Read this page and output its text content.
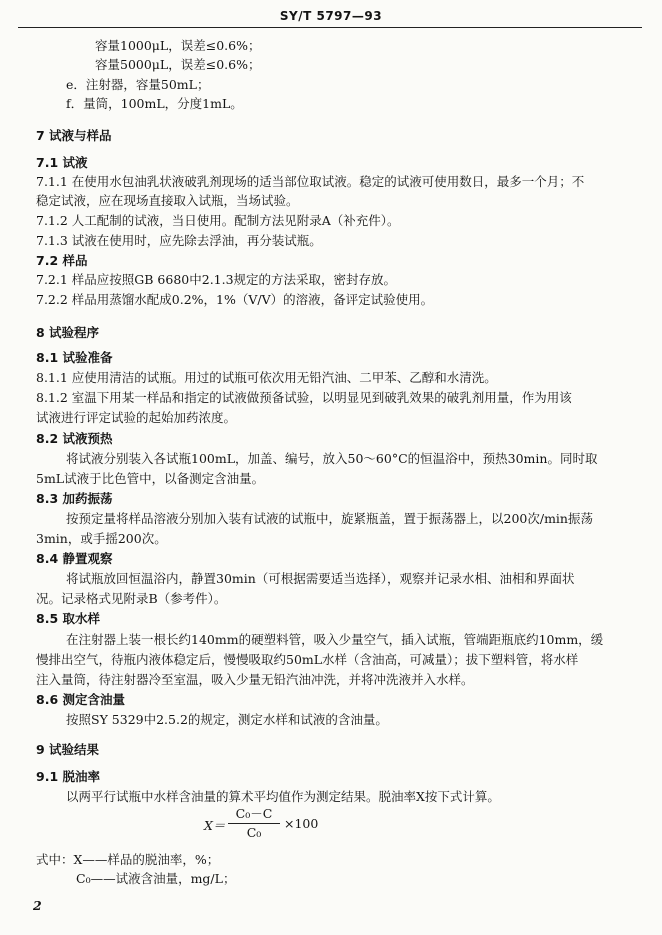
SY/T 5797—93
容量1000μL，误差≤0.6%；
容量5000μL，误差≤0.6%；
e．注射器，容量50mL；
f．量筒，100mL，分度1mL。
7 试液与样品
7.1 试液
7.1.1 在使用水包油乳状液破乳剂现场的适当部位取试液。稳定的试液可使用数日，最多一个月；不
稳定试液，应在现场直接取入试瓶，当场试验。
7.1.2 人工配制的试液，当日使用。配制方法见附录A（补充件）。
7.1.3 试液在使用时，应先除去浮油，再分装试瓶。
7.2 样品
7.2.1 样品应按照GB 6680中2.1.3规定的方法采取，密封存放。
7.2.2 样品用蒸馏水配成0.2%，1%（V/V）的溶液，备评定试验使用。
8 试验程序
8.1 试验准备
8.1.1 应使用清洁的试瓶。用过的试瓶可依次用无铅汽油、二甲苯、乙醇和水清洗。
8.1.2 室温下用某一样品和指定的试液做预备试验，以明显见到破乳效果的破乳剂用量，作为用该
试液进行评定试验的起始加药浓度。
8.2 试液预热
将试液分别装入各试瓶100mL，加盖、编号，放入50～60°C的恒温浴中，预热30min。同时取
5mL试液于比色管中，以备测定含油量。
8.3 加药振荡
按预定量将样品溶液分别加入装有试液的试瓶中，旋紧瓶盖，置于振荡器上，以200次/min振荡
3min，或手摇200次。
8.4 静置观察
将试瓶放回恒温浴内，静置30min（可根据需要适当选择），观察并记录水相、油相和界面状
况。记录格式见附录B（参考件）。
8.5 取水样
在注射器上装一根长约140mm的硬塑料管，吸入少量空气，插入试瓶，管端距瓶底约10mm，缓
慢排出空气，待瓶内液体稳定后，慢慢吸取约50mL水样（含油高，可减量）；拔下塑料管，将水样
注入量筒，待注射器冷至室温，吸入少量无铅汽油冲洗，并将冲洗液并入水样。
8.6 测定含油量
按照SY 5329中2.5.2的规定，测定水样和试液的含油量。
9 试验结果
9.1 脱油率
以两平行试瓶中水样含油量的算术平均值作为测定结果。脱油率X按下式计算。
X＝
C₀－C
C₀
×100
式中：X——样品的脱油率，%；
C₀——试液含油量，mg/L；
2
